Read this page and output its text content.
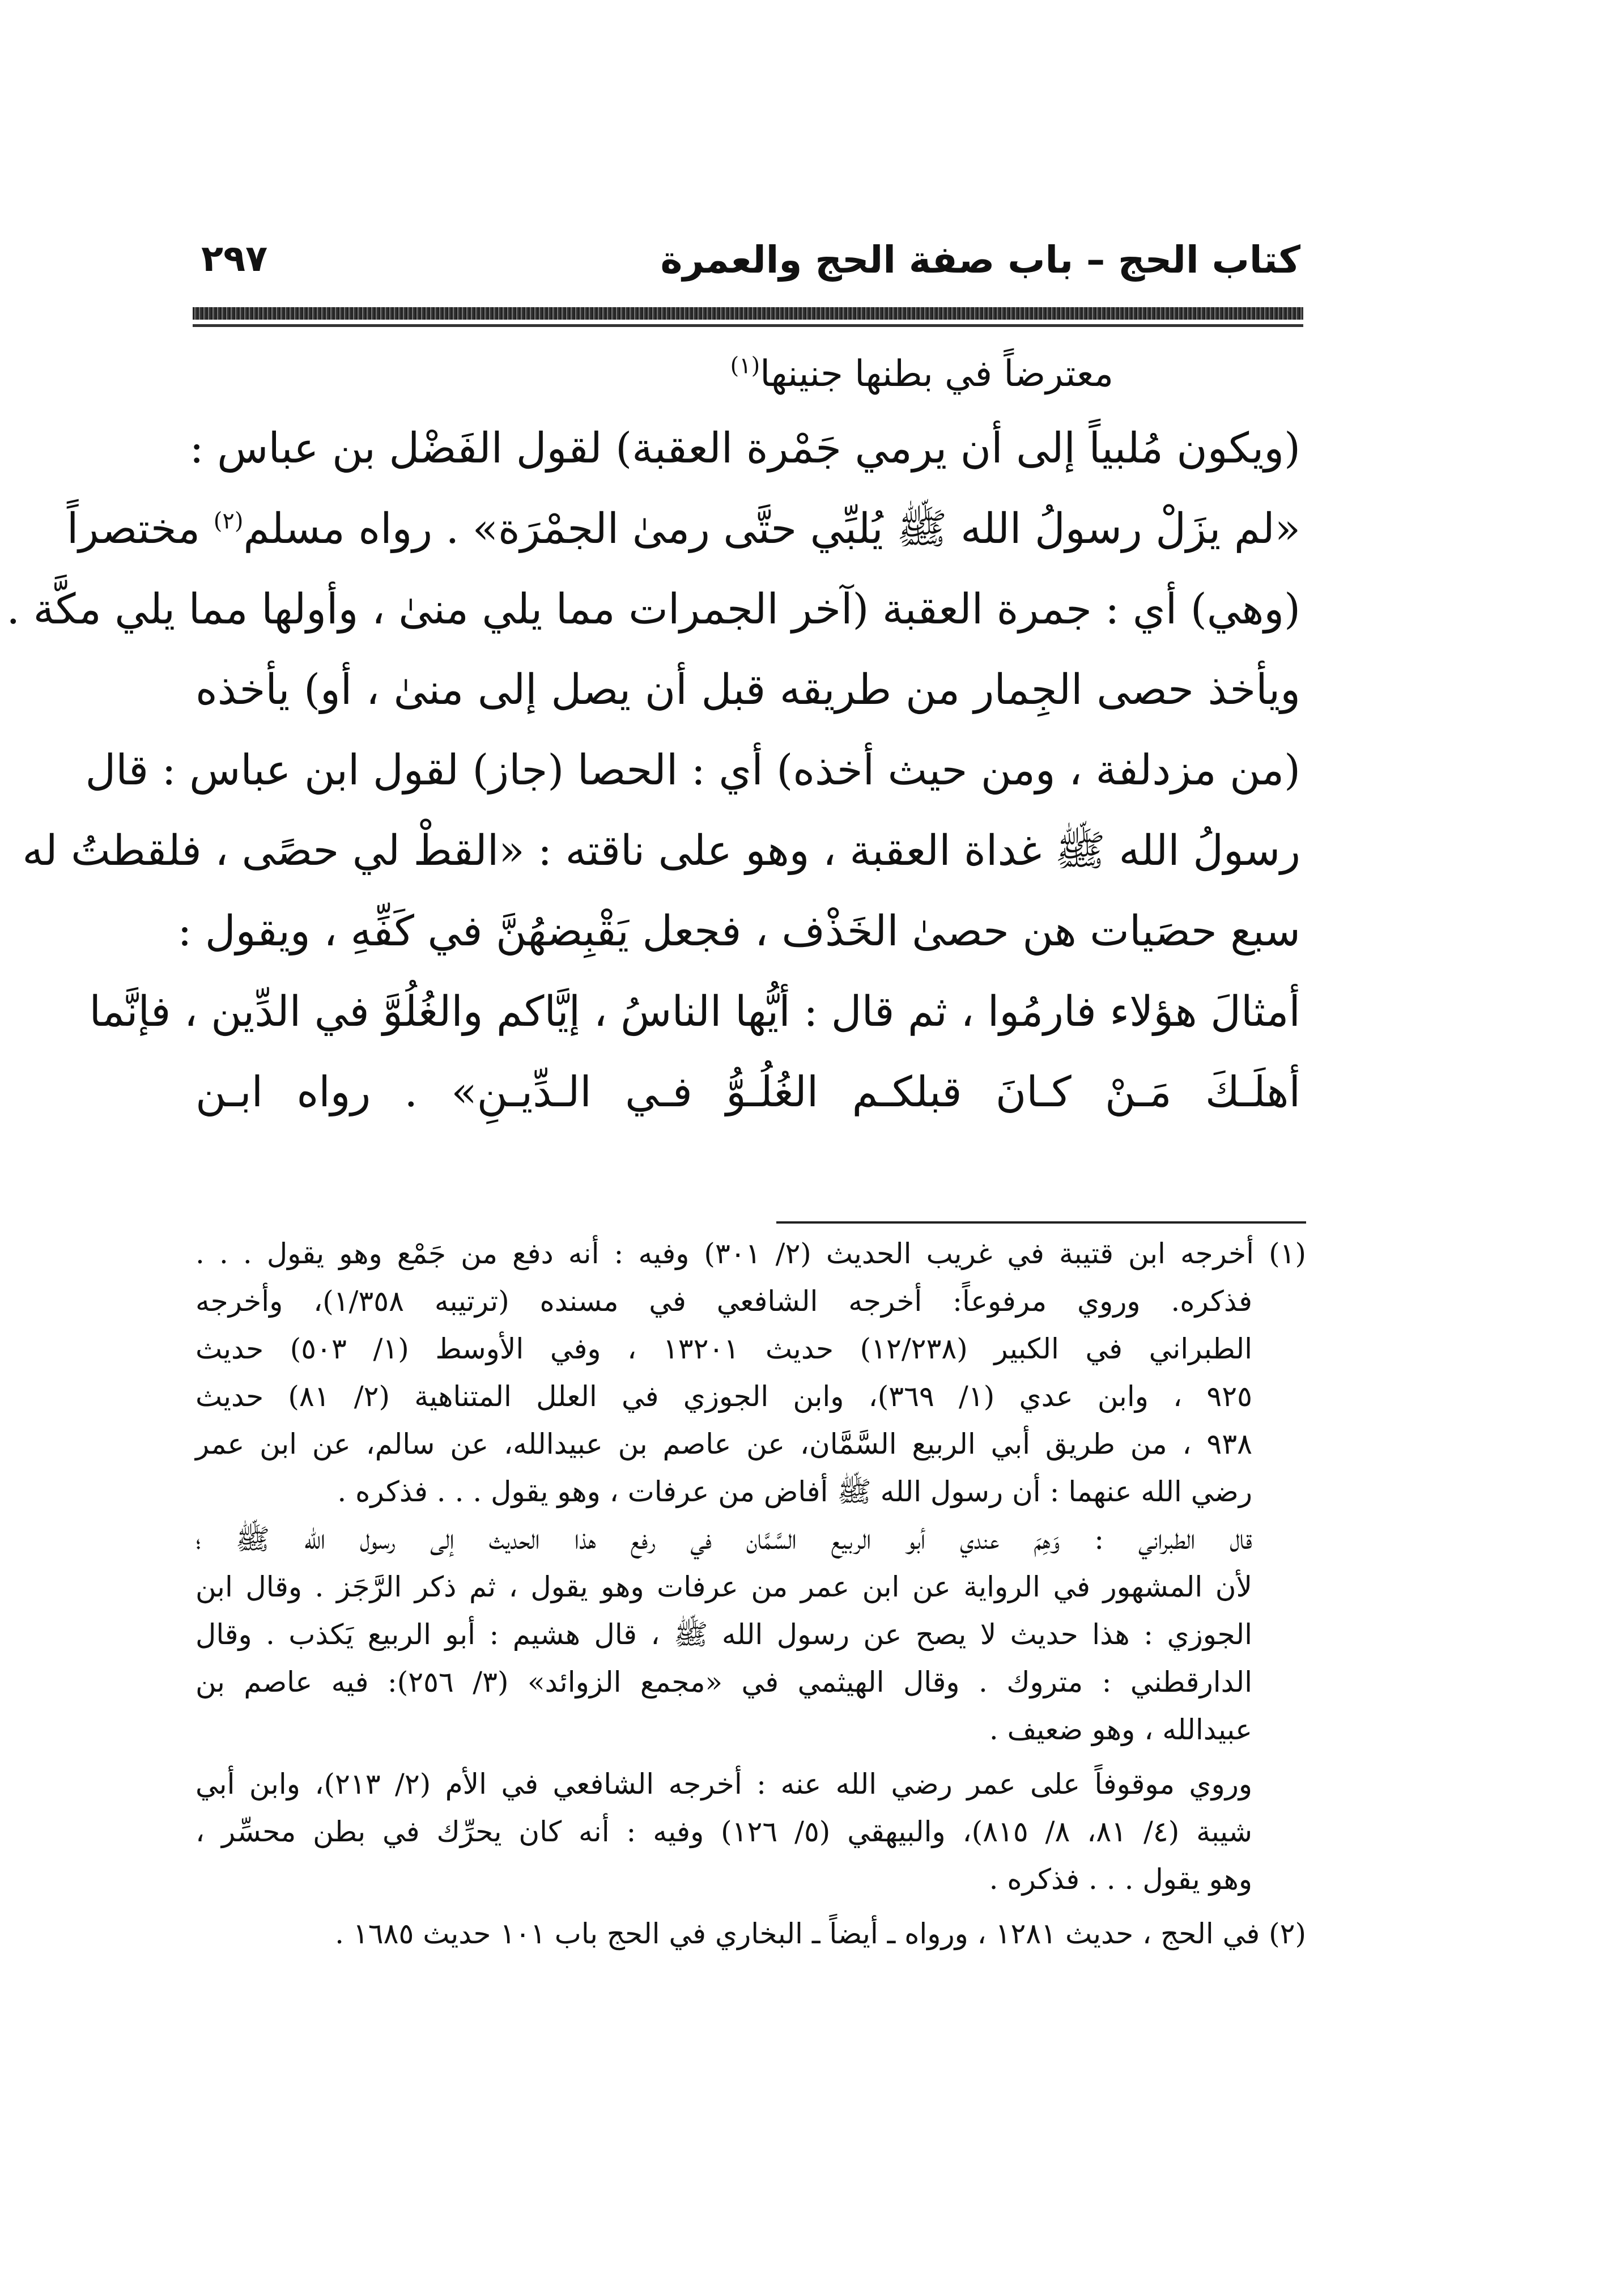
٢٩٧	كتاب الحج – باب صفة الحج والعمرة
معترضاً في بطنها جنينها$^{(١)}$
(ويكون مُلبياً إلى أن يرمي جَمْرة العقبة) لقول الفَضْل بن عباس :
«لم يزَلْ رسولُ الله ﷺ يُلبِّي حتَّى رمىٰ الجمْرَة» . رواه مسلم$^{(٢)}$ مختصراً
(وهي) أي : جمرة العقبة (آخر الجمرات مما يلي منىٰ ، وأولها مما يلي مكَّة .
ويأخذ حصى الجِمار من طريقه قبل أن يصل إلى منىٰ ، أو) يأخذه
(من مزدلفة ، ومن حيث أخذه) أي : الحصا (جاز) لقول ابن عباس : قال
رسولُ الله ﷺ غداة العقبة ، وهو على ناقته : «القطْ لي حصًى ، فلقطتُ له
سبع حصَيات هن حصىٰ الخَذْف ، فجعل يَقْبِضهُنَّ في كَفِّهِ ، ويقول :
أمثالَ هؤلاء فارمُوا ، ثم قال : أيُّها الناسُ ، إيَّاكم والغُلُوَّ في الدِّين ، فإنَّما
أهلَـكَ مَـنْ كـانَ قبلكـم الغُلُـوُّ فـي الـدِّيـنِ» . رواه ابـن
(١) أخرجه ابن قتيبة في غريب الحديث (٢/ ٣٠١) وفيه : أنه دفع من جَمْع وهو يقول . . .
فذكره. وروي مرفوعاً: أخرجه الشافعي في مسنده (ترتيبه ١/٣٥٨)، وأخرجه
الطبراني في الكبير (١٢/٢٣٨) حديث ١٣٢٠١ ، وفي الأوسط (١/ ٥٠٣) حديث
٩٢٥ ، وابن عدي (١/ ٣٦٩)، وابن الجوزي في العلل المتناهية (٢/ ٨١) حديث
٩٣٨ ، من طريق أبي الربيع السَّمَّان، عن عاصم بن عبيدالله، عن سالم، عن ابن عمر
رضي الله عنهما : أن رسول الله ﷺ أفاض من عرفات ، وهو يقول . . . فذكره .
قال الطبراني : وَهِمَ عندي أبو الربيع السَّمَّان في رفع هذا الحديث إلى رسول الله ﷺ ؛
لأن المشهور في الرواية عن ابن عمر من عرفات وهو يقول ، ثم ذكر الرَّجَز . وقال ابن
الجوزي : هذا حديث لا يصح عن رسول الله ﷺ ، قال هشيم : أبو الربيع يَكذب . وقال
الدارقطني : متروك . وقال الهيثمي في «مجمع الزوائد» (٣/ ٢٥٦): فيه عاصم بن
عبيدالله ، وهو ضعيف .
وروي موقوفاً على عمر رضي الله عنه : أخرجه الشافعي في الأم (٢/ ٢١٣)، وابن أبي
شيبة (٤/ ٨١، ٨/ ٨١٥)، والبيهقي (٥/ ١٢٦) وفيه : أنه كان يحرِّك في بطن محسِّر ،
وهو يقول . . . فذكره .
(٢) في الحج ، حديث ١٢٨١ ، ورواه ـ أيضاً ـ البخاري في الحج باب ١٠١ حديث ١٦٨٥ .
